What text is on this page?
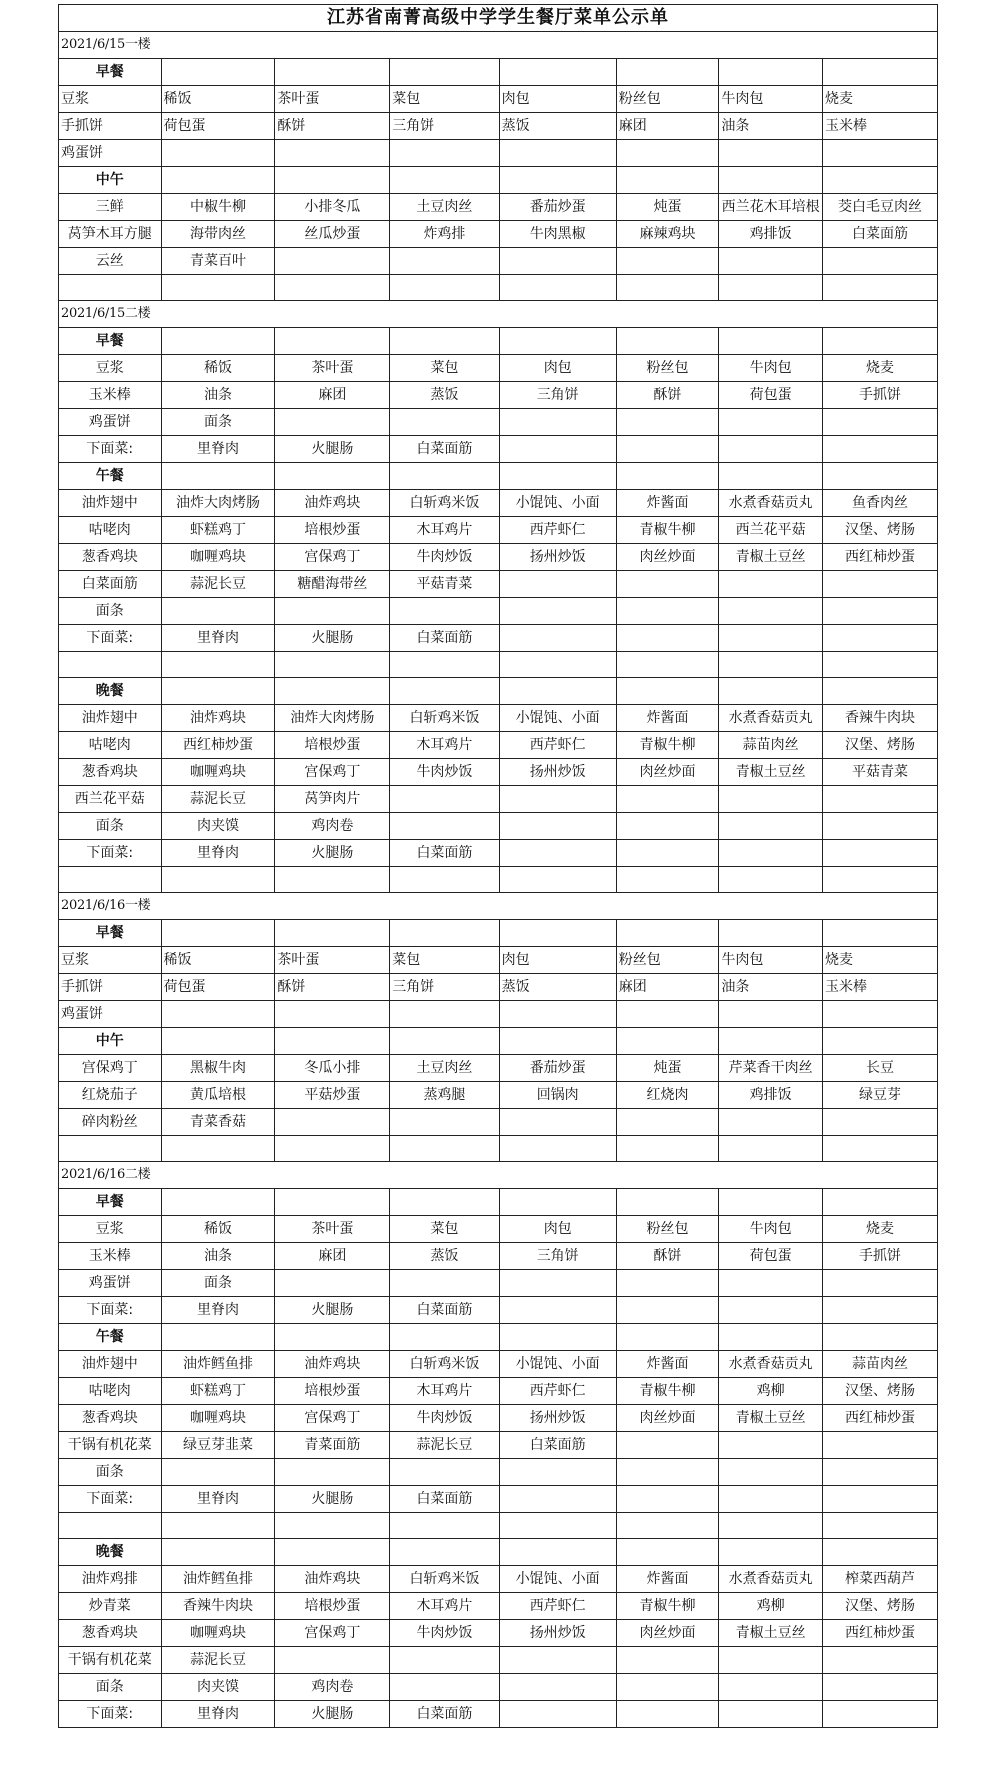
江苏省南菁高级中学学生餐厅菜单公示单							
2021/6/15一楼							
早餐							
豆浆	稀饭	茶叶蛋	菜包	肉包	粉丝包	牛肉包	烧麦
手抓饼	荷包蛋	酥饼	三角饼	蒸饭	麻团	油条	玉米棒
鸡蛋饼							
中午							
三鲜	中椒牛柳	小排冬瓜	土豆肉丝	番茄炒蛋	炖蛋	西兰花木耳培根	茭白毛豆肉丝
莴笋木耳方腿	海带肉丝	丝瓜炒蛋	炸鸡排	牛肉黑椒	麻辣鸡块	鸡排饭	白菜面筋
云丝	青菜百叶						

2021/6/15二楼							
早餐							
豆浆	稀饭	茶叶蛋	菜包	肉包	粉丝包	牛肉包	烧麦
玉米棒	油条	麻团	蒸饭	三角饼	酥饼	荷包蛋	手抓饼
鸡蛋饼	面条						
下面菜:	里脊肉	火腿肠	白菜面筋				
午餐							
油炸翅中	油炸大肉烤肠	油炸鸡块	白斩鸡米饭	小馄饨、小面	炸酱面	水煮香菇贡丸	鱼香肉丝
咕咾肉	虾糕鸡丁	培根炒蛋	木耳鸡片	西芹虾仁	青椒牛柳	西兰花平菇	汉堡、烤肠
葱香鸡块	咖喱鸡块	宫保鸡丁	牛肉炒饭	扬州炒饭	肉丝炒面	青椒土豆丝	西红柿炒蛋
白菜面筋	蒜泥长豆	糖醋海带丝	平菇青菜				
面条							
下面菜:	里脊肉	火腿肠	白菜面筋				

晚餐							
油炸翅中	油炸鸡块	油炸大肉烤肠	白斩鸡米饭	小馄饨、小面	炸酱面	水煮香菇贡丸	香辣牛肉块
咕咾肉	西红柿炒蛋	培根炒蛋	木耳鸡片	西芹虾仁	青椒牛柳	蒜苗肉丝	汉堡、烤肠
葱香鸡块	咖喱鸡块	宫保鸡丁	牛肉炒饭	扬州炒饭	肉丝炒面	青椒土豆丝	平菇青菜
西兰花平菇	蒜泥长豆	莴笋肉片					
面条	肉夹馍	鸡肉卷					
下面菜:	里脊肉	火腿肠	白菜面筋				

2021/6/16一楼							
早餐							
豆浆	稀饭	茶叶蛋	菜包	肉包	粉丝包	牛肉包	烧麦
手抓饼	荷包蛋	酥饼	三角饼	蒸饭	麻团	油条	玉米棒
鸡蛋饼							
中午							
宫保鸡丁	黑椒牛肉	冬瓜小排	土豆肉丝	番茄炒蛋	炖蛋	芹菜香干肉丝	长豆
红烧茄子	黄瓜培根	平菇炒蛋	蒸鸡腿	回锅肉	红烧肉	鸡排饭	绿豆芽
碎肉粉丝	青菜香菇						

2021/6/16二楼							
早餐							
豆浆	稀饭	茶叶蛋	菜包	肉包	粉丝包	牛肉包	烧麦
玉米棒	油条	麻团	蒸饭	三角饼	酥饼	荷包蛋	手抓饼
鸡蛋饼	面条						
下面菜:	里脊肉	火腿肠	白菜面筋				
午餐							
油炸翅中	油炸鳕鱼排	油炸鸡块	白斩鸡米饭	小馄饨、小面	炸酱面	水煮香菇贡丸	蒜苗肉丝
咕咾肉	虾糕鸡丁	培根炒蛋	木耳鸡片	西芹虾仁	青椒牛柳	鸡柳	汉堡、烤肠
葱香鸡块	咖喱鸡块	宫保鸡丁	牛肉炒饭	扬州炒饭	肉丝炒面	青椒土豆丝	西红柿炒蛋
干锅有机花菜	绿豆芽韭菜	青菜面筋	蒜泥长豆	白菜面筋			
面条							
下面菜:	里脊肉	火腿肠	白菜面筋				

晚餐							
油炸鸡排	油炸鳕鱼排	油炸鸡块	白斩鸡米饭	小馄饨、小面	炸酱面	水煮香菇贡丸	榨菜西葫芦
炒青菜	香辣牛肉块	培根炒蛋	木耳鸡片	西芹虾仁	青椒牛柳	鸡柳	汉堡、烤肠
葱香鸡块	咖喱鸡块	宫保鸡丁	牛肉炒饭	扬州炒饭	肉丝炒面	青椒土豆丝	西红柿炒蛋
干锅有机花菜	蒜泥长豆						
面条	肉夹馍	鸡肉卷					
下面菜:	里脊肉	火腿肠	白菜面筋				
